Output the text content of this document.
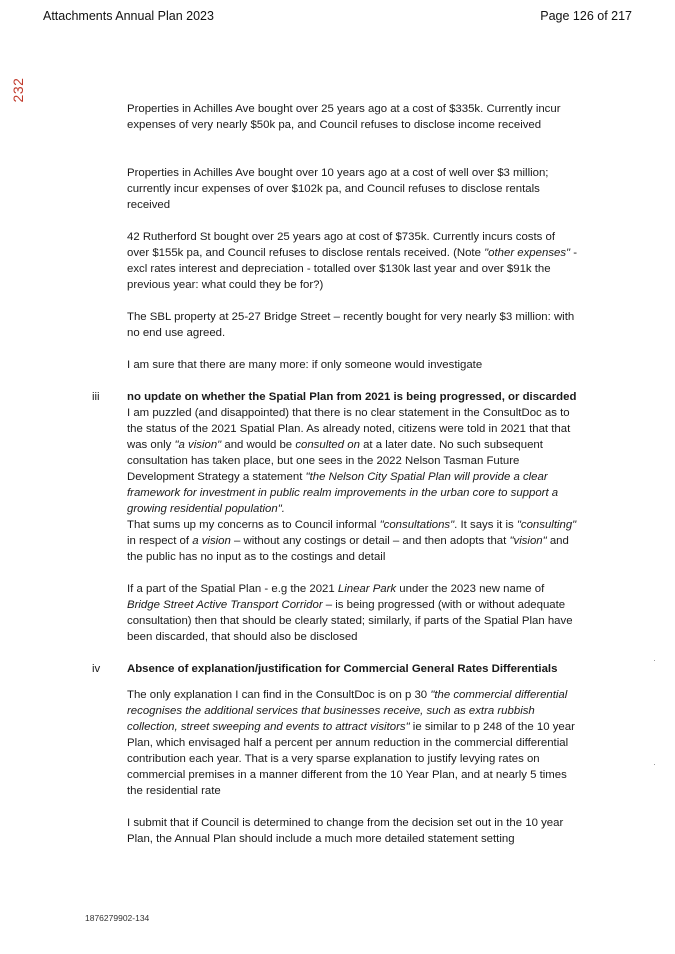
Attachments Annual Plan 2023	Page 126 of 217
232

Properties in Achilles Ave bought over 25 years ago at a cost of $335k. Currently incur expenses of very nearly $50k pa, and Council refuses to disclose income received

Properties in Achilles Ave bought over 10 years ago at a cost of well over $3 million; currently incur expenses of over $102k pa, and Council refuses to disclose rentals received

42 Rutherford St bought over 25 years ago at cost of $735k. Currently incurs costs of over $155k pa, and Council refuses to disclose rentals received. (Note "other expenses" - excl rates interest and depreciation - totalled over $130k last year and over $91k the previous year: what could they be for?)

The SBL property at 25-27 Bridge Street – recently bought for very nearly $3 million: with no end use agreed.

I am sure that there are many more: if only someone would investigate

iii no update on whether the Spatial Plan from 2021 is being progressed, or discarded

I am puzzled (and disappointed) that there is no clear statement in the ConsultDoc as to the status of the 2021 Spatial Plan. As already noted, citizens were told in 2021 that that was only "a vision" and would be consulted on at a later date. No such subsequent consultation has taken place, but one sees in the 2022 Nelson Tasman Future Development Strategy a statement "the Nelson City Spatial Plan will provide a clear framework for investment in public realm improvements in the urban core to support a growing residential population".
That sums up my concerns as to Council informal "consultations". It says it is "consulting" in respect of a vision – without any costings or detail – and then adopts that "vision" and the public has no input as to the costings and detail

If a part of the Spatial Plan - e.g the 2021 Linear Park under the 2023 new name of Bridge Street Active Transport Corridor – is being progressed (with or without adequate consultation) then that should be clearly stated; similarly, if parts of the Spatial Plan have been discarded, that should also be disclosed

iv Absence of explanation/justification for Commercial General Rates Differentials

The only explanation I can find in the ConsultDoc is on p 30 "the commercial differential recognises the additional services that businesses receive, such as extra rubbish collection, street sweeping and events to attract visitors" ie similar to p 248 of the 10 year Plan, which envisaged half a percent per annum reduction in the commercial differential contribution each year. That is a very sparse explanation to justify levying rates on commercial premises in a manner different from the 10 Year Plan, and at nearly 5 times the residential rate

I submit that if Council is determined to change from the decision set out in the 10 year Plan, the Annual Plan should include a much more detailed statement setting

1876279902-134
